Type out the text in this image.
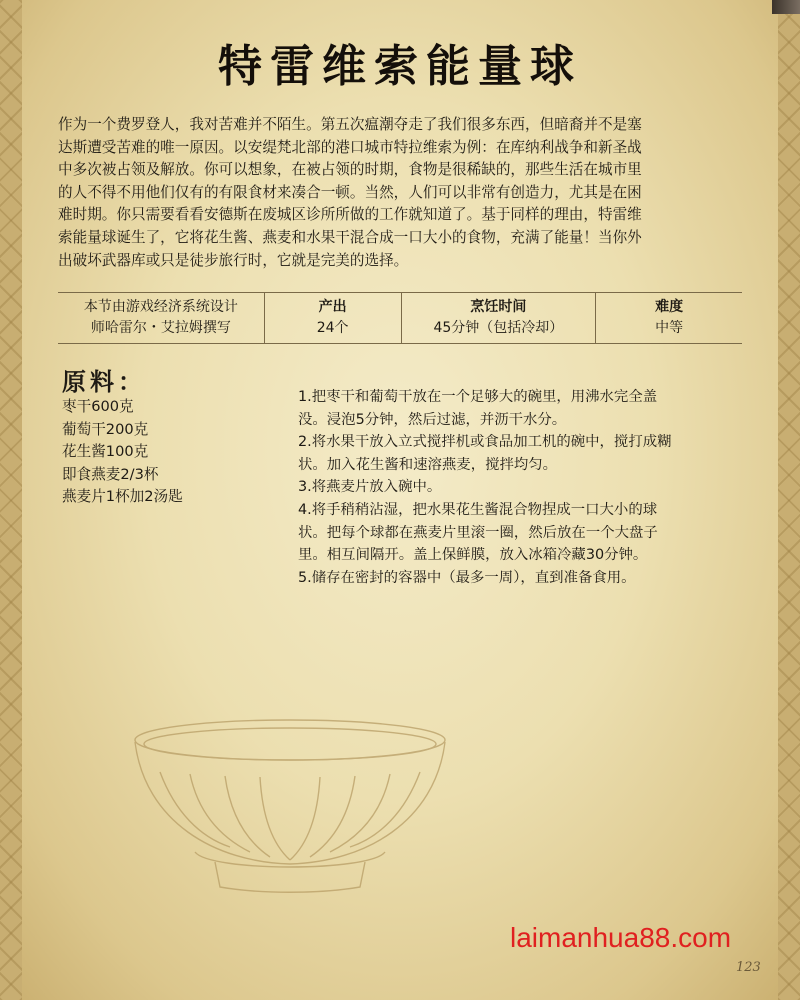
特雷维索能量球
作为一个费罗登人，我对苦难并不陌生。第五次瘟潮夺走了我们很多东西，但暗裔并不是塞
达斯遭受苦难的唯一原因。以安缇梵北部的港口城市特拉维索为例：在库纳利战争和新圣战
中多次被占领及解放。你可以想象，在被占领的时期，食物是很稀缺的，那些生活在城市里
的人不得不用他们仅有的有限食材来凑合一顿。当然，人们可以非常有创造力，尤其是在困
难时期。你只需要看看安德斯在废城区诊所所做的工作就知道了。基于同样的理由，特雷维
索能量球诞生了，它将花生酱、燕麦和水果干混合成一口大小的食物，充满了能量！当你外
出破坏武器库或只是徒步旅行时，它就是完美的选择。
本节由游戏经济系统设计
师哈雷尔・艾拉姆撰写
产出
24个
烹饪时间
45分钟（包括冷却）
难度
中等
原料：
枣干600克
葡萄干200克
花生酱100克
即食燕麦2/3杯
燕麦片1杯加2汤匙
1.把枣干和葡萄干放在一个足够大的碗里，用沸水完全盖
没。浸泡5分钟，然后过滤，并沥干水分。
2.将水果干放入立式搅拌机或食品加工机的碗中，搅打成糊
状。加入花生酱和速溶燕麦，搅拌均匀。
3.将燕麦片放入碗中。
4.将手稍稍沾湿，把水果花生酱混合物捏成一口大小的球
状。把每个球都在燕麦片里滚一圈，然后放在一个大盘子
里。相互间隔开。盖上保鲜膜，放入冰箱冷藏30分钟。
5.储存在密封的容器中（最多一周），直到准备食用。
laimanhua88.com
123
